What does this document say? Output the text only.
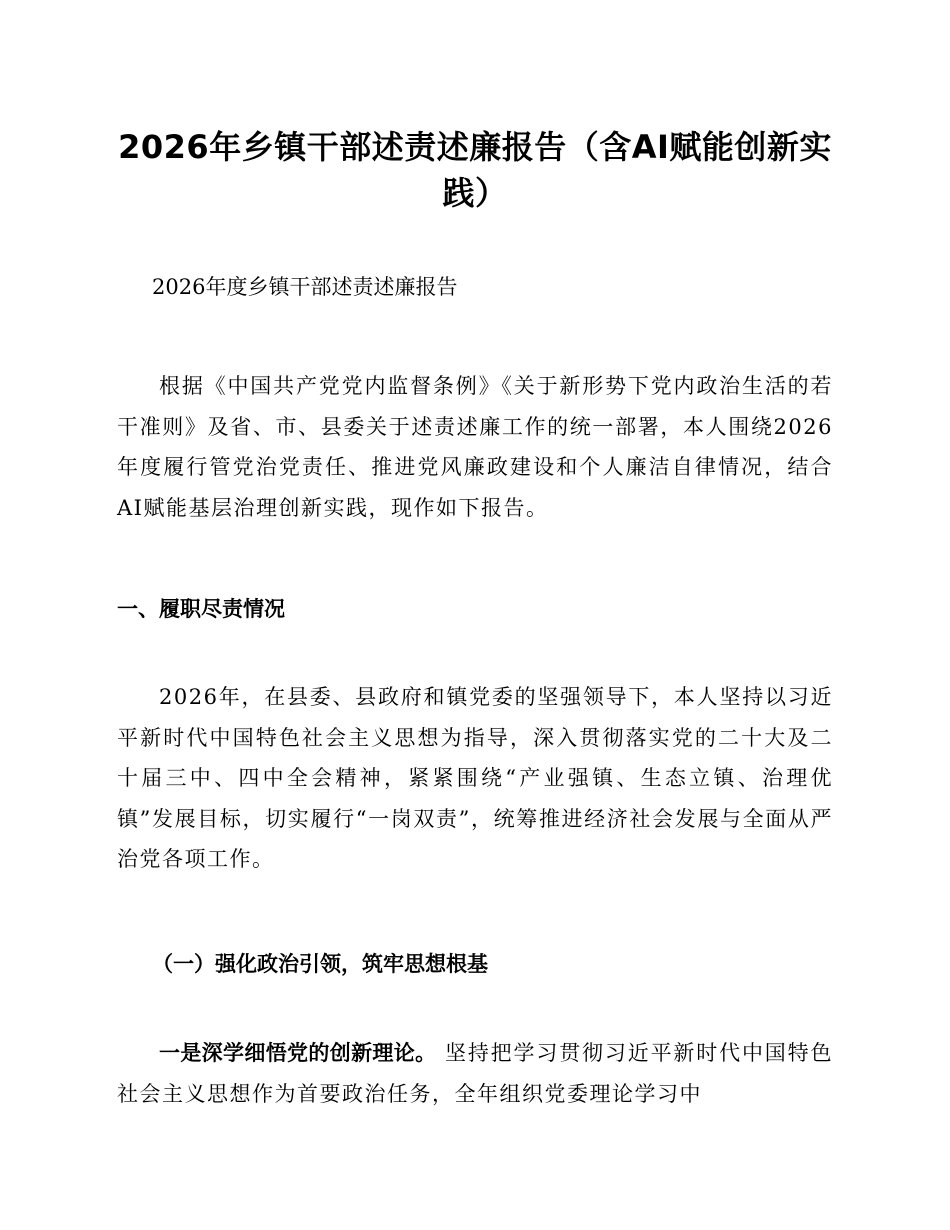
2026年乡镇干部述责述廉报告（含AI赋能创新实践）

2026年度乡镇干部述责述廉报告

根据《中国共产党党内监督条例》《关于新形势下党内政治生活的若干准则》及省、市、县委关于述责述廉工作的统一部署，本人围绕2026年度履行管党治党责任、推进党风廉政建设和个人廉洁自律情况，结合AI赋能基层治理创新实践，现作如下报告。

一、履职尽责情况

2026年，在县委、县政府和镇党委的坚强领导下，本人坚持以习近平新时代中国特色社会主义思想为指导，深入贯彻落实党的二十大及二十届三中、四中全会精神，紧紧围绕“产业强镇、生态立镇、治理优镇”发展目标，切实履行“一岗双责”，统筹推进经济社会发展与全面从严治党各项工作。

（一）强化政治引领，筑牢思想根基

一是深学细悟党的创新理论。 坚持把学习贯彻习近平新时代中国特色社会主义思想作为首要政治任务，全年组织党委理论学习中
